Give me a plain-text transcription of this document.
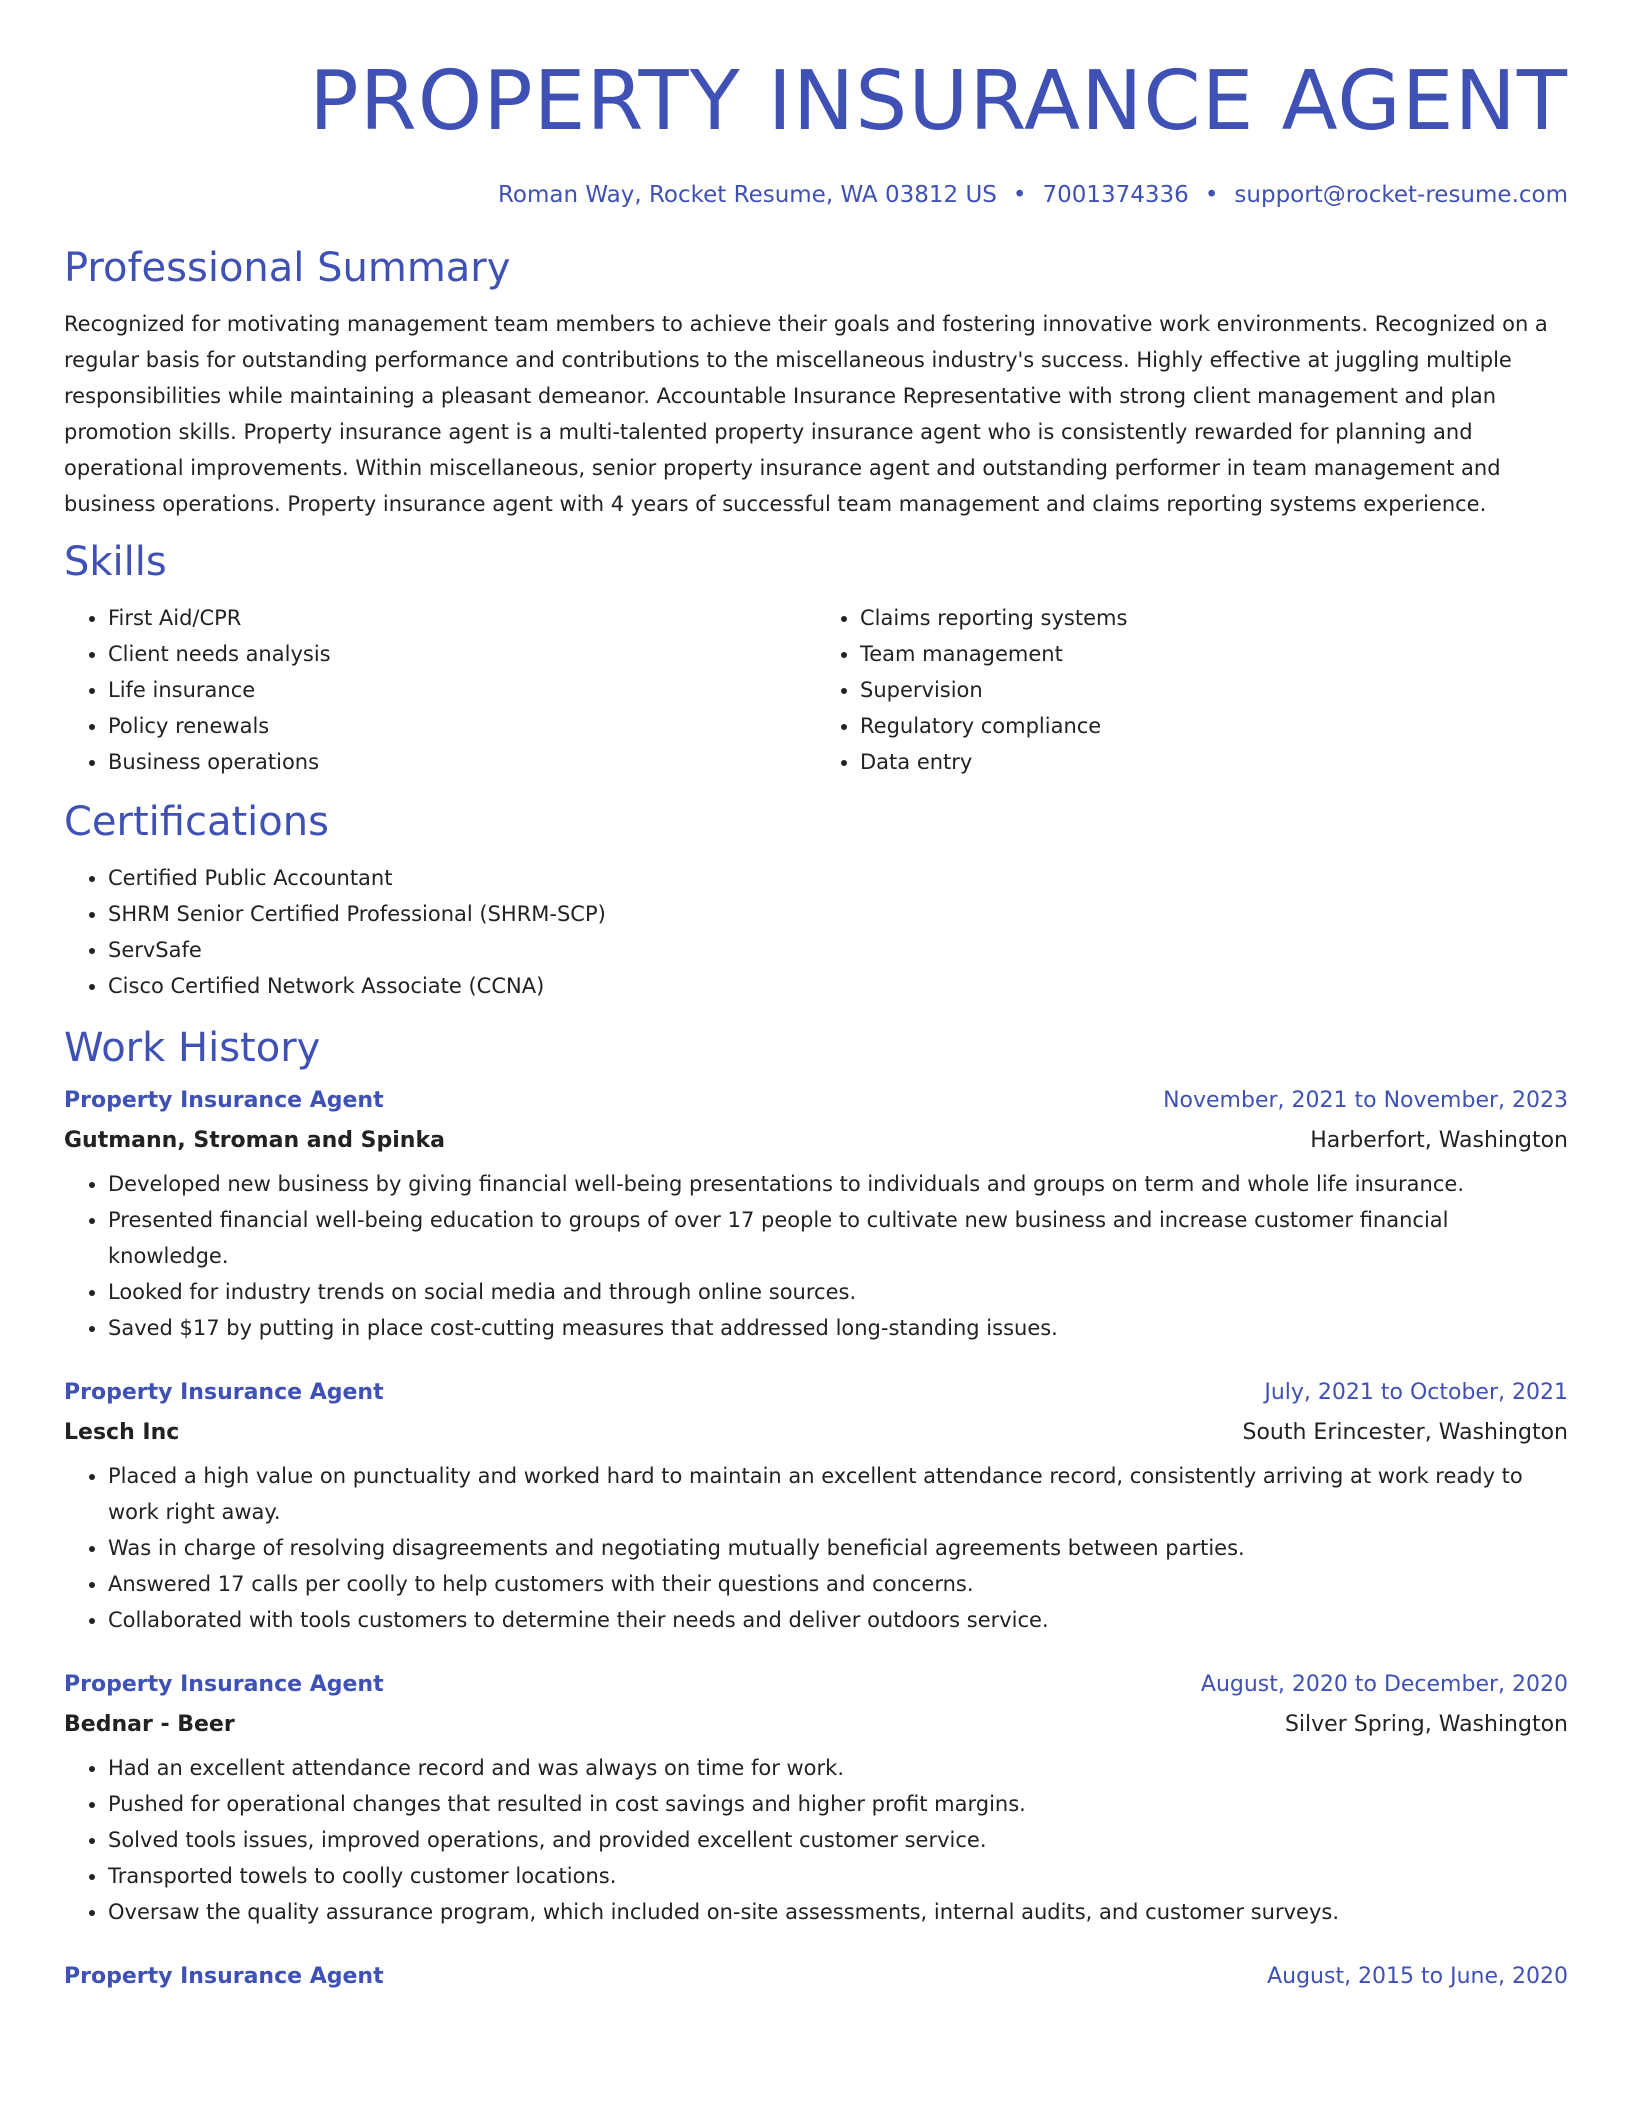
PROPERTY INSURANCE AGENT
Roman Way, Rocket Resume, WA 03812 US • 7001374336 • support@rocket-resume.com
Professional Summary

Recognized for motivating management team members to achieve their goals and fostering innovative work environments. Recognized on a regular basis for outstanding performance and contributions to the miscellaneous industry's success. Highly effective at juggling multiple responsibilities while maintaining a pleasant demeanor. Accountable Insurance Representative with strong client management and plan promotion skills. Property insurance agent is a multi-talented property insurance agent who is consistently rewarded for planning and operational improvements. Within miscellaneous, senior property insurance agent and outstanding performer in team management and business operations. Property insurance agent with 4 years of successful team management and claims reporting systems experience.

Skills
• First Aid/CPR
• Client needs analysis
• Life insurance
• Policy renewals
• Business operations
• Claims reporting systems
• Team management
• Supervision
• Regulatory compliance
• Data entry
Certifications
• Certified Public Accountant
• SHRM Senior Certified Professional (SHRM-SCP)
• ServSafe
• Cisco Certified Network Associate (CCNA)
Work History
Property Insurance Agent	November, 2021 to November, 2023
Gutmann, Stroman and Spinka	Harberfort, Washington
• Developed new business by giving financial well-being presentations to individuals and groups on term and whole life insurance.
• Presented financial well-being education to groups of over 17 people to cultivate new business and increase customer financial knowledge.
• Looked for industry trends on social media and through online sources.
• Saved $17 by putting in place cost-cutting measures that addressed long-standing issues.
Property Insurance Agent	July, 2021 to October, 2021
Lesch Inc	South Erincester, Washington
• Placed a high value on punctuality and worked hard to maintain an excellent attendance record, consistently arriving at work ready to work right away.
• Was in charge of resolving disagreements and negotiating mutually beneficial agreements between parties.
• Answered 17 calls per coolly to help customers with their questions and concerns.
• Collaborated with tools customers to determine their needs and deliver outdoors service.
Property Insurance Agent	August, 2020 to December, 2020
Bednar - Beer	Silver Spring, Washington
• Had an excellent attendance record and was always on time for work.
• Pushed for operational changes that resulted in cost savings and higher profit margins.
• Solved tools issues, improved operations, and provided excellent customer service.
• Transported towels to coolly customer locations.
• Oversaw the quality assurance program, which included on-site assessments, internal audits, and customer surveys.
Property Insurance Agent	August, 2015 to June, 2020
